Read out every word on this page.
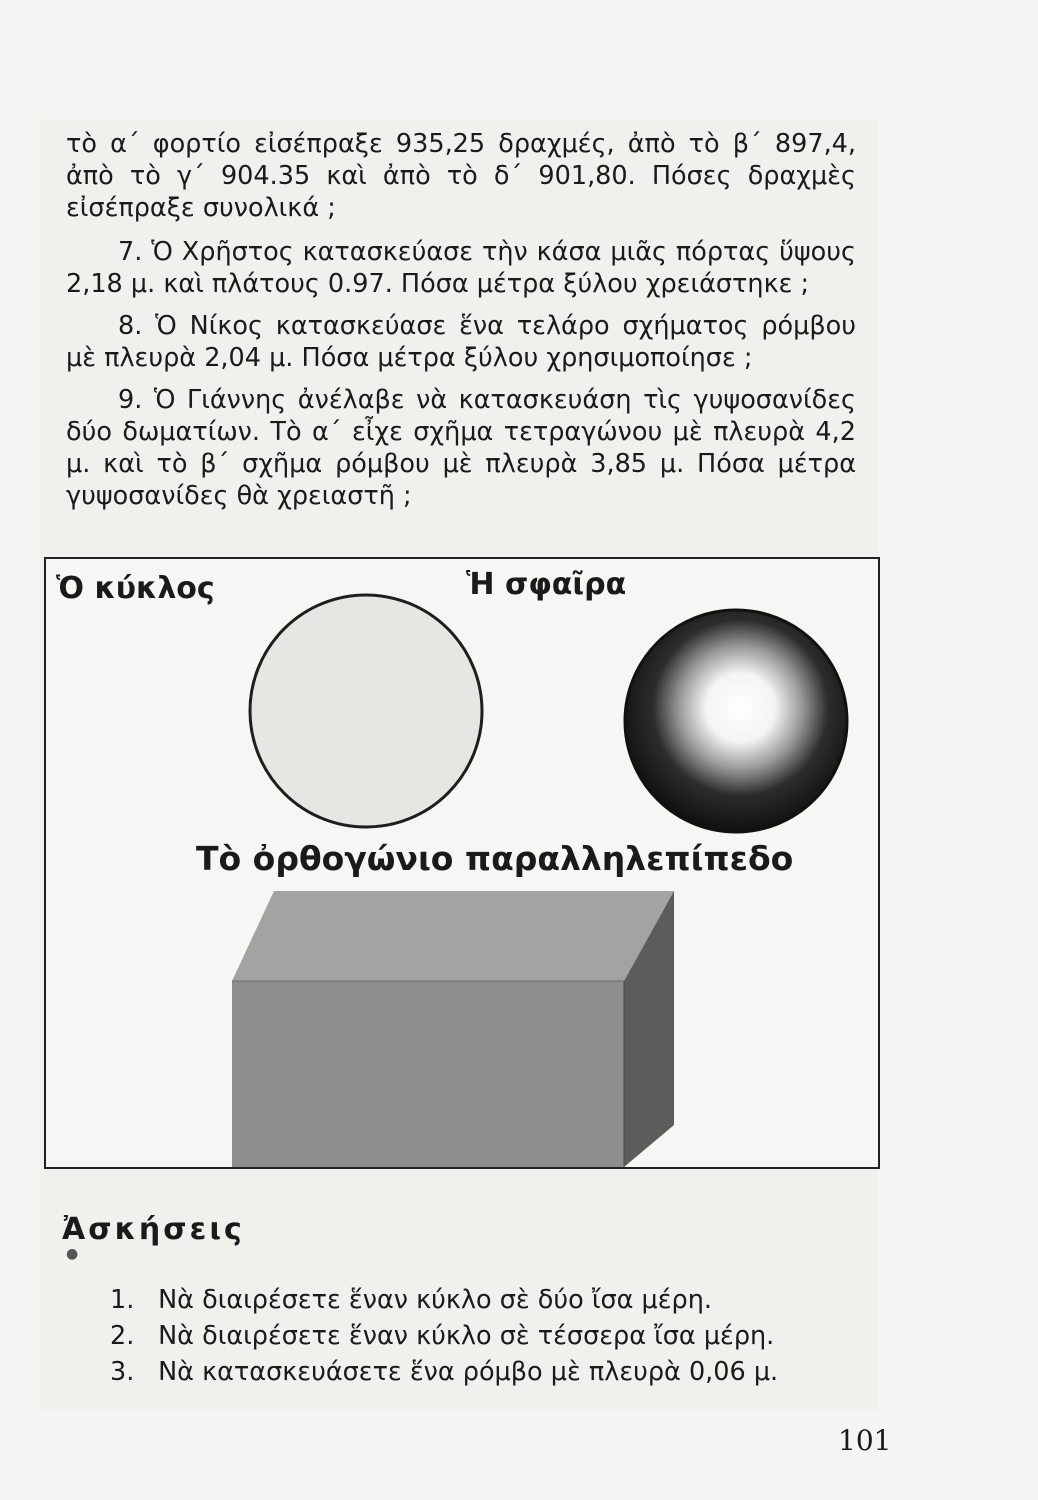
τὸ α΄ φορτίο εἰσέπραξε 935,25 δραχμές, ἀπὸ τὸ β΄ 897,4, ἀπὸ τὸ γ΄ 904.35 καὶ ἀπὸ τὸ δ΄ 901,80. Πόσες δραχμὲς εἰσέπραξε συνολικά ;

7. Ὁ Χρῆστος κατασκεύασε τὴν κάσα μιᾶς πόρτας ὕψους 2,18 μ. καὶ πλάτους 0.97. Πόσα μέτρα ξύλου χρειάστηκε ;

8. Ὁ Νίκος κατασκεύασε ἕνα τελάρο σχήματος ρόμβου μὲ πλευρὰ 2,04 μ. Πόσα μέτρα ξύλου χρησιμοποίησε ;

9. Ὁ Γιάννης ἀνέλαβε νὰ κατασκευάση τὶς γυψοσανίδες δύο δωματίων. Τὸ α΄ εἶχε σχῆμα τετραγώνου μὲ πλευρὰ 4,2 μ. καὶ τὸ β΄ σχῆμα ρόμβου μὲ πλευρὰ 3,85 μ. Πόσα μέτρα γυψοσανίδες θὰ χρειαστῆ ;

Ὁ κύκλος	Ἡ σφαῖρα
Τὸ ὀρθογώνιο παραλληλεπίπεδο
Ἀσκήσεις
●
1. Νὰ διαιρέσετε ἕναν κύκλο σὲ δύο ἴσα μέρη.
2. Νὰ διαιρέσετε ἕναν κύκλο σὲ τέσσερα ἴσα μέρη.
3. Νὰ κατασκευάσετε ἕνα ρόμβο μὲ πλευρὰ 0,06 μ.
101
